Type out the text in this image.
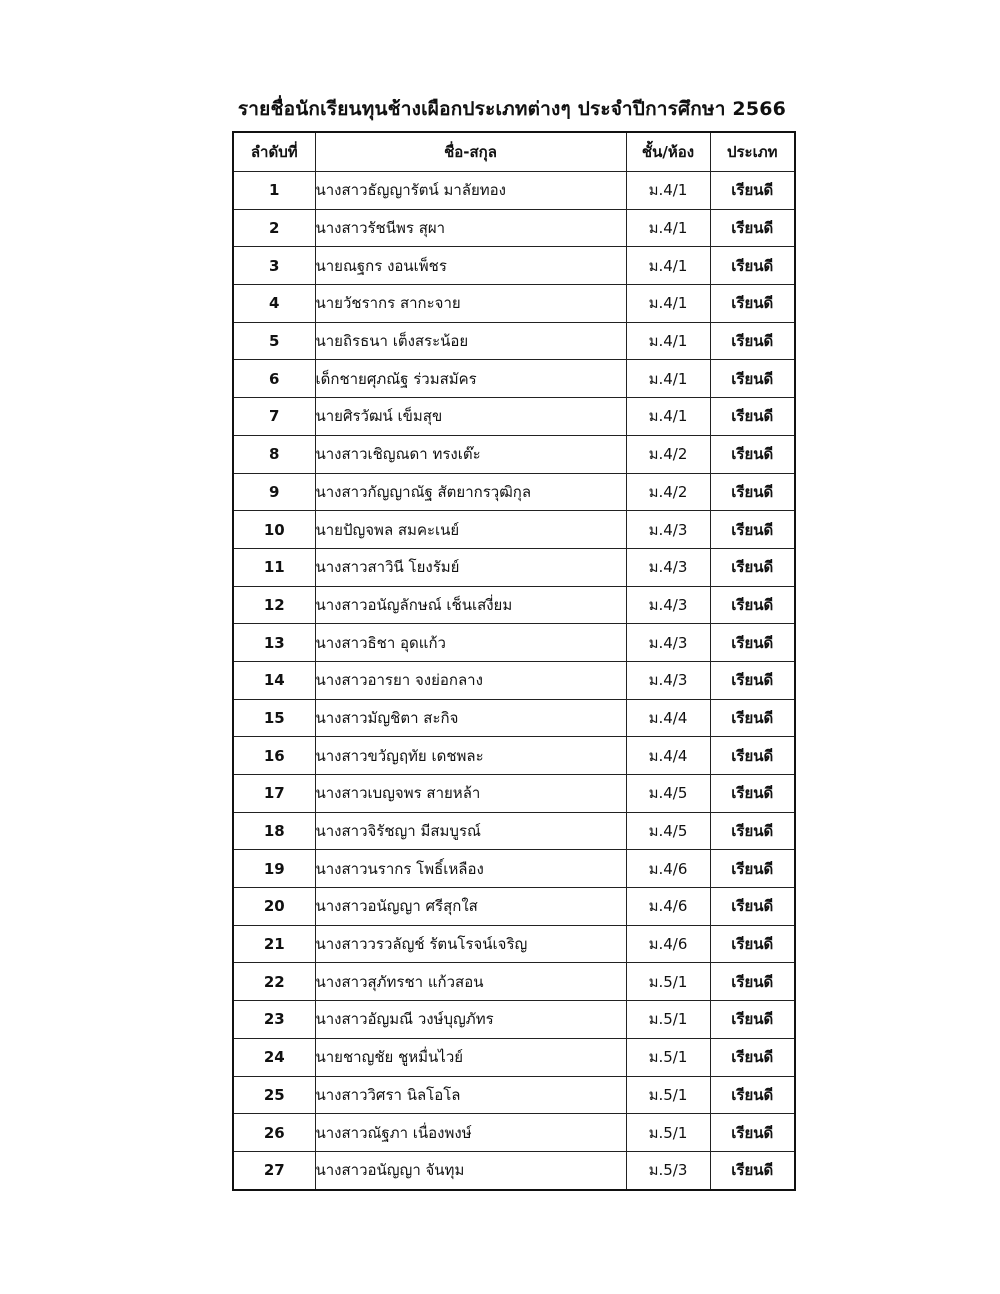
รายชื่อนักเรียนทุนช้างเผือกประเภทต่างๆ ประจำปีการศึกษา 2566
ลำดับที่	ชื่อ-สกุล	ชั้น/ห้อง	ประเภท
1	นางสาวธัญญารัตน์ มาลัยทอง	ม.4/1	เรียนดี
2	นางสาวรัชนีพร สุผา	ม.4/1	เรียนดี
3	นายณฐกร งอนเพ็ชร	ม.4/1	เรียนดี
4	นายวัชรากร สากะจาย	ม.4/1	เรียนดี
5	นายถิรธนา เต็งสระน้อย	ม.4/1	เรียนดี
6	เด็กชายศุภณัฐ ร่วมสมัคร	ม.4/1	เรียนดี
7	นายศิรวัฒน์ เข็มสุข	ม.4/1	เรียนดี
8	นางสาวเชิญณดา ทรงเต๊ะ	ม.4/2	เรียนดี
9	นางสาวกัญญาณัฐ สัตยากรวุฒิกุล	ม.4/2	เรียนดี
10	นายปัญจพล สมคะเนย์	ม.4/3	เรียนดี
11	นางสาวสาวินี โยงรัมย์	ม.4/3	เรียนดี
12	นางสาวอนัญลักษณ์ เช็นเสงี่ยม	ม.4/3	เรียนดี
13	นางสาวธิชา อุดแก้ว	ม.4/3	เรียนดี
14	นางสาวอารยา จงย่อกลาง	ม.4/3	เรียนดี
15	นางสาวมัญชิตา สะกิจ	ม.4/4	เรียนดี
16	นางสาวขวัญฤทัย เดชพละ	ม.4/4	เรียนดี
17	นางสาวเบญจพร สายหล้า	ม.4/5	เรียนดี
18	นางสาวจิรัชญา มีสมบูรณ์	ม.4/5	เรียนดี
19	นางสาวนรากร โพธิ์เหลือง	ม.4/6	เรียนดี
20	นางสาวอนัญญา ศรีสุกใส	ม.4/6	เรียนดี
21	นางสาววรวลัญช์ รัตนโรจน์เจริญ	ม.4/6	เรียนดี
22	นางสาวสุภัทรชา แก้วสอน	ม.5/1	เรียนดี
23	นางสาวอัญมณี วงษ์บุญภัทร	ม.5/1	เรียนดี
24	นายชาญชัย ชูหมื่นไวย์	ม.5/1	เรียนดี
25	นางสาววิศรา นิลโอโล	ม.5/1	เรียนดี
26	นางสาวณัฐภา เนื่องพงษ์	ม.5/1	เรียนดี
27	นางสาวอนัญญา จันทุม	ม.5/3	เรียนดี
